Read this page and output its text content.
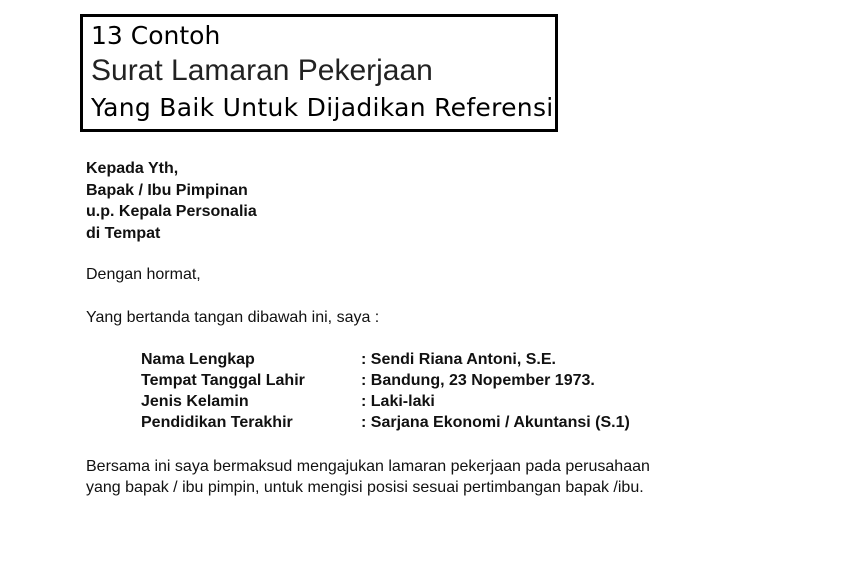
13 Contoh
Surat Lamaran Pekerjaan
Yang Baik Untuk Dijadikan Referensi
Kepada Yth,
Bapak / Ibu Pimpinan
u.p. Kepala Personalia
di Tempat
Dengan hormat,
Yang bertanda tangan dibawah ini, saya :
Nama Lengkap	: Sendi Riana Antoni, S.E.
Tempat Tanggal Lahir	: Bandung, 23 Nopember 1973.
Jenis Kelamin	: Laki-laki
Pendidikan Terakhir	: Sarjana Ekonomi / Akuntansi (S.1)
Bersama ini saya bermaksud mengajukan lamaran pekerjaan pada perusahaan
yang bapak / ibu pimpin, untuk mengisi posisi sesuai pertimbangan bapak /ibu.
